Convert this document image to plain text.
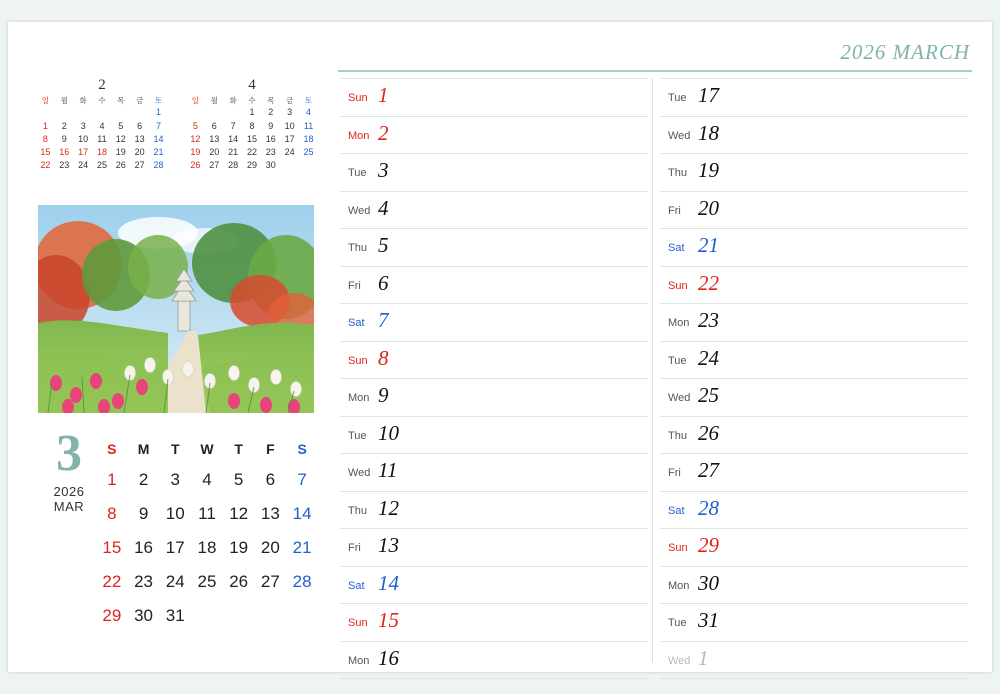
2026 MARCH
2
일	월	화	수	목	금	토
						1
1	2	3	4	5	6	7
8	9	10	11	12	13	14
15	16	17	18	19	20	21
22	23	24	25	26	27	28
4
일	월	화	수	목	금	토
			1	2	3	4
5	6	7	8	9	10	11
12	13	14	15	16	17	18
19	20	21	22	23	24	25
26	27	28	29	30		
3
2026
MAR
S	M	T	W	T	F	S
1	2	3	4	5	6	7
8	9	10	11	12	13	14
15	16	17	18	19	20	21
22	23	24	25	26	27	28
29	30	31				
Sun 1
Mon 2
Tue 3
Wed 4
Thu 5
Fri 6
Sat 7
Sun 8
Mon 9
Tue 10
Wed 11
Thu 12
Fri 13
Sat 14
Sun 15
Mon 16
Tue 17
Wed 18
Thu 19
Fri 20
Sat 21
Sun 22
Mon 23
Tue 24
Wed 25
Thu 26
Fri 27
Sat 28
Sun 29
Mon 30
Tue 31
Wed 1
